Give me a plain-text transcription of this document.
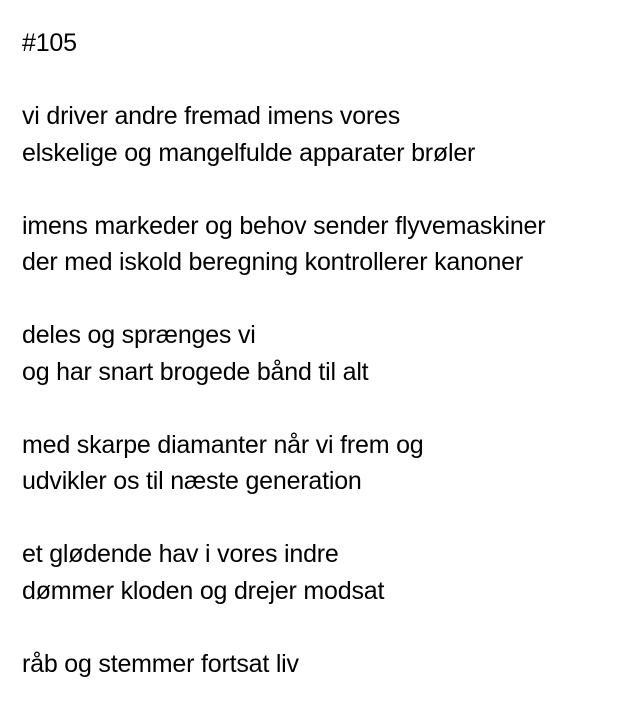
#105
vi driver andre fremad imens vores
elskelige og mangelfulde apparater brøler
imens markeder og behov sender flyvemaskiner
der med iskold beregning kontrollerer kanoner
deles og sprænges vi
og har snart brogede bånd til alt
med skarpe diamanter når vi frem og
udvikler os til næste generation
et glødende hav i vores indre
dømmer kloden og drejer modsat
råb og stemmer fortsat liv
